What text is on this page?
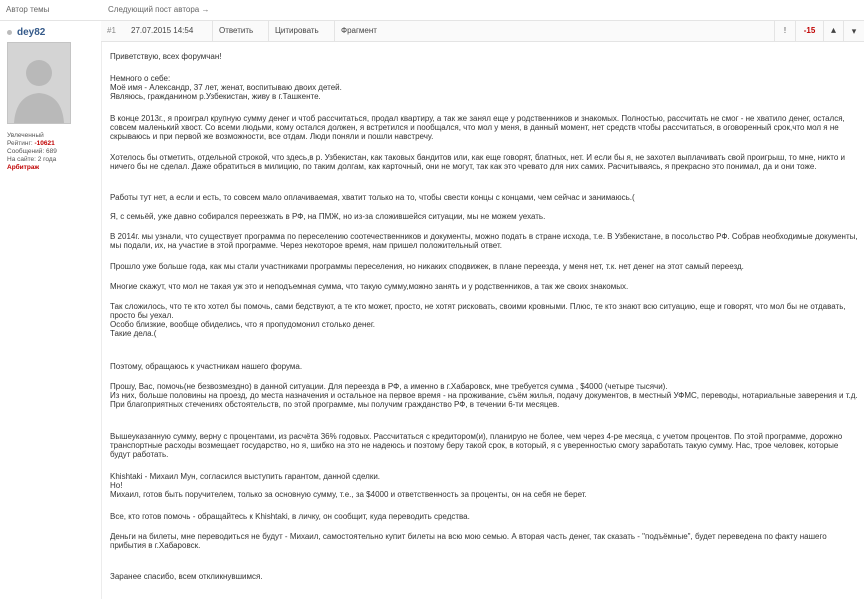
Автор темы	Следующий пост автора →
dey82
Увлеченный
Рейтинг: -10621
Сообщений: 689
На сайте: 2 года
Арбитраж
#1	27.07.2015 14:54	Ответить	Цитировать	Фрагмент	!	-15	▴	▾
Приветствую, всех форумчан!
Немного о себе:
Моё имя - Александр, 37 лет, женат, воспитываю двоих детей.
Являюсь, гражданином р.Узбекистан, живу в г.Ташкенте.
В конце 2013г., я проиграл крупную сумму денег и чтоб рассчитаться, продал квартиру, а так же занял еще у родственников и знакомых. Полностью, рассчитать не смог - не хватило денег, остался, совсем маленький хвост. Со всеми людьми, кому остался должен, я встретился и пообщался, что мол у меня, в данный момент, нет средств чтобы рассчитаться, в оговоренный срок,что мол я не скрываюсь и при первой же возможности, все отдам. Люди поняли и пошли навстречу.
Хотелось бы отметить, отдельной строкой, что здесь,в р. Узбекистан, как таковых бандитов или, как еще говорят, блатных, нет. И если бы я, не захотел выплачивать свой проигрыш, то мне, никто и ничего бы не сделал. Даже обратиться в милицию, по таким долгам, как карточный, они не могут, так как это чревато для них самих. Расчитываясь, я прекрасно это понимал, да и они тоже.
Работы тут нет, а если и есть, то совсем мало оплачиваемая, хватит только на то, чтобы свести концы с концами, чем сейчас и занимаюсь.(
Я, с семьёй, уже давно собирался переезжать в РФ, на ПМЖ, но из-за сложившейся ситуации, мы не можем уехать.
В 2014г. мы узнали, что существует программа по переселению соотечественников и документы, можно подать в стране исхода, т.е. В Узбекистане, в посольство РФ. Собрав необходимые документы, мы подали, их, на участие в этой программе. Через некоторое время, нам пришел положительный ответ.
Прошло уже больше года, как мы стали участниками программы переселения, но никаких сподвижек, в плане переезда, у меня нет, т.к. нет денег на этот самый переезд.
Многие скажут, что мол не такая уж это и неподъемная сумма, что такую сумму,можно занять и у родственников, а так же своих знакомых.
Так сложилось, что те кто хотел бы помочь, сами бедствуют, а те кто может, просто, не хотят рисковать, своими кровными. Плюс, те кто знают всю ситуацию, еще и говорят, что мол бы не отдавать, просто бы уехал.
Особо близкие, вообще обиделись, что я пропудомонил столько денег.
Такие дела.(
Поэтому, обращаюсь к участникам нашего форума.
Прошу, Вас, помочь(не безвозмездно) в данной ситуации. Для переезда в РФ, а именно в г.Хабаровск, мне требуется сумма , $4000 (четыре тысячи).
Из них, больше половины на проезд, до места назначения и остальное на первое время - на проживание, съём жилья, подачу документов, в местный УФМС, переводы, нотариальные заверения и т.д.
При благоприятных стечениях обстоятельств, по этой программе, мы получим гражданство РФ, в течении 6-ти месяцев.
Вышеуказанную сумму, верну с процентами, из расчёта 36% годовых. Рассчитаться с кредитором(и), планирую не более, чем через 4-ре месяца, с учетом процентов. По этой программе, дорожно транспортные расходы возмещает государство, но я, шибко на это не надеюсь и поэтому беру такой срок, в который, я с уверенностью смогу заработать такую сумму. Нас, трое человек, которые будут работать.
Khishtaki - Михаил Мун, согласился выступить гарантом, данной сделки.
Но!
Михаил, готов быть поручителем, только за основную сумму, т.е., за $4000 и ответственность за проценты, он на себя не берет.
Все, кто готов помочь - обращайтесь к Khishtaki, в личку, он сообщит, куда переводить средства.
Деньги на билеты, мне переводиться не будут - Михаил, самостоятельно купит билеты на всю мою семью. А вторая часть денег, так сказать - "подъёмные", будет переведена по факту нашего прибытия в г.Хабаровск.
Заранее спасибо, всем откликнувшимся.
